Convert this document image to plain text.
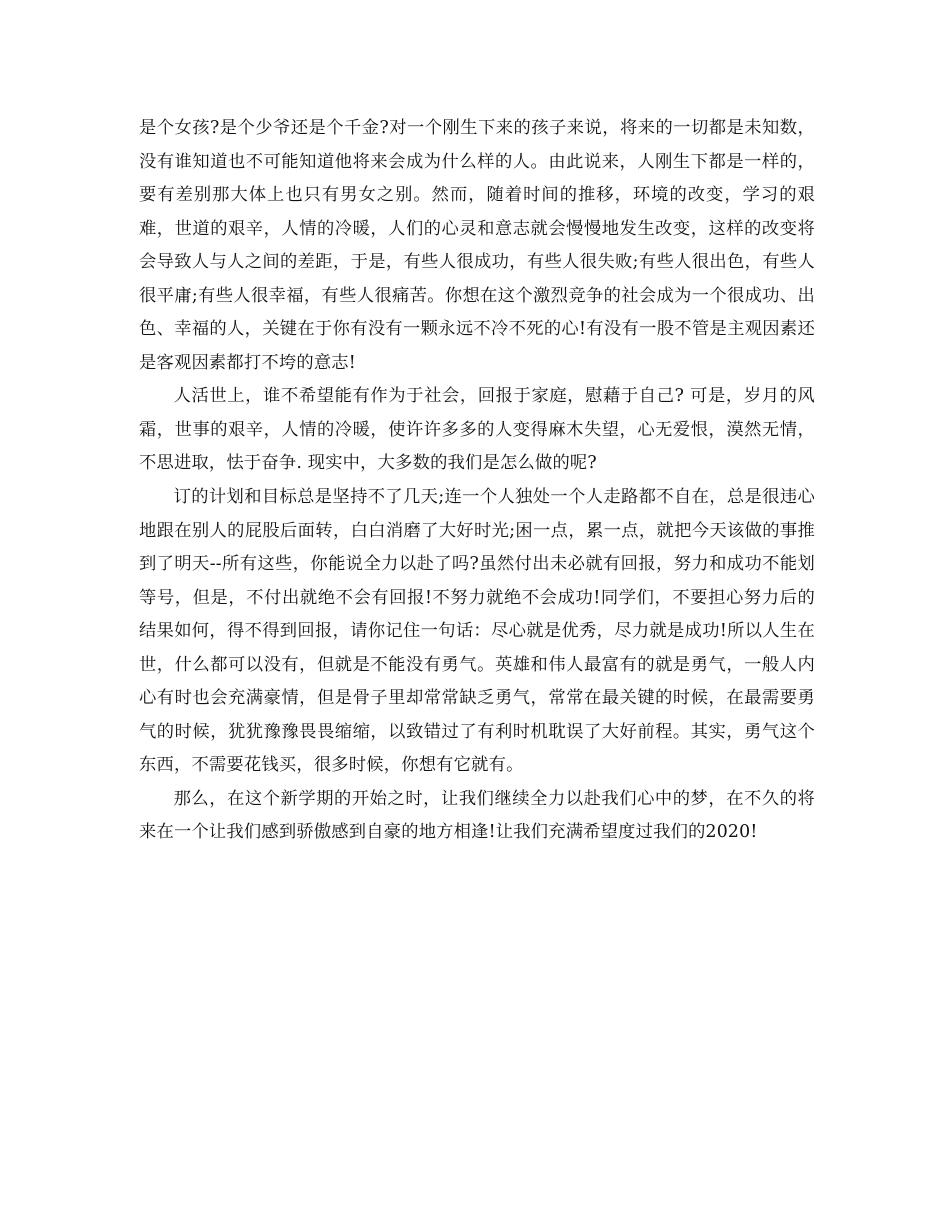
是个女孩?是个少爷还是个千金?对一个刚生下来的孩子来说，将来的一切都是未知数，没有谁知道也不可能知道他将来会成为什么样的人。由此说来，人刚生下都是一样的，要有差别那大体上也只有男女之别。然而，随着时间的推移，环境的改变，学习的艰难，世道的艰辛，人情的冷暖，人们的心灵和意志就会慢慢地发生改变，这样的改变将会导致人与人之间的差距，于是，有些人很成功，有些人很失败;有些人很出色，有些人很平庸;有些人很幸福，有些人很痛苦。你想在这个激烈竞争的社会成为一个很成功、出色、幸福的人，关键在于你有没有一颗永远不冷不死的心!有没有一股不管是主观因素还是客观因素都打不垮的意志!

人活世上，谁不希望能有作为于社会，回报于家庭，慰藉于自己? 可是，岁月的风霜，世事的艰辛，人情的冷暖，使许许多多的人变得麻木失望，心无爱恨，漠然无情，不思进取，怯于奋争. 现实中，大多数的我们是怎么做的呢?

订的计划和目标总是坚持不了几天;连一个人独处一个人走路都不自在，总是很违心地跟在别人的屁股后面转，白白消磨了大好时光;困一点，累一点，就把今天该做的事推到了明天--所有这些，你能说全力以赴了吗?虽然付出未必就有回报，努力和成功不能划等号，但是，不付出就绝不会有回报!不努力就绝不会成功!同学们，不要担心努力后的结果如何，得不得到回报，请你记住一句话：尽心就是优秀，尽力就是成功!所以人生在世，什么都可以没有，但就是不能没有勇气。英雄和伟人最富有的就是勇气，一般人内心有时也会充满豪情，但是骨子里却常常缺乏勇气，常常在最关键的时候，在最需要勇气的时候，犹犹豫豫畏畏缩缩，以致错过了有利时机耽误了大好前程。其实，勇气这个东西，不需要花钱买，很多时候，你想有它就有。

那么，在这个新学期的开始之时，让我们继续全力以赴我们心中的梦，在不久的将来在一个让我们感到骄傲感到自豪的地方相逢!让我们充满希望度过我们的2020!
